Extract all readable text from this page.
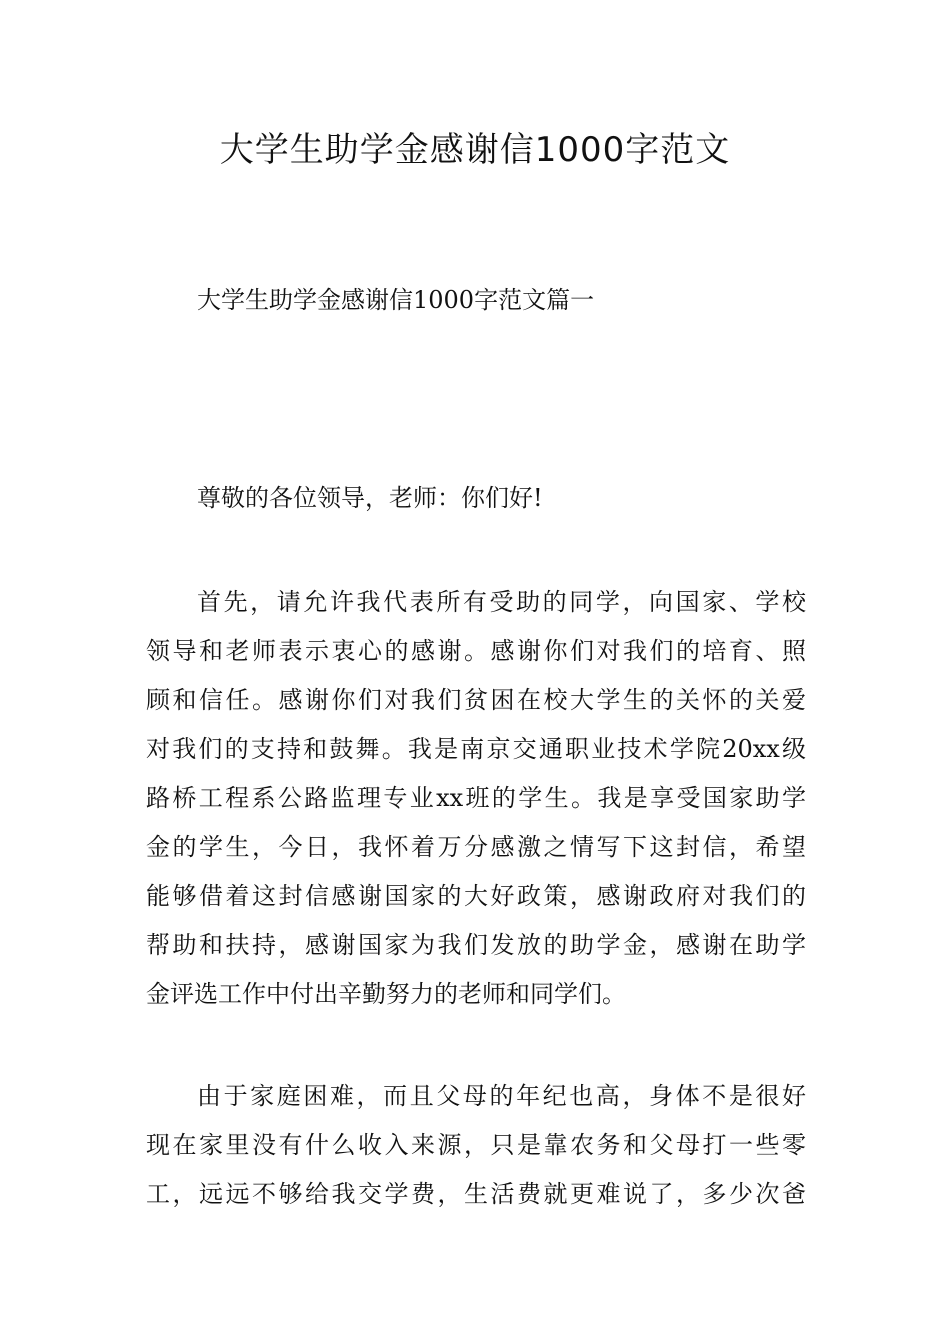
大学生助学金感谢信1000字范文

大学生助学金感谢信1000字范文篇一

尊敬的各位领导，老师：你们好!

首先，请允许我代表所有受助的同学，向国家、学校
领导和老师表示衷心的感谢。感谢你们对我们的培育、照
顾和信任。感谢你们对我们贫困在校大学生的关怀的关爱
对我们的支持和鼓舞。我是南京交通职业技术学院20xx级
路桥工程系公路监理专业xx班的学生。我是享受国家助学
金的学生，今日，我怀着万分感激之情写下这封信，希望
能够借着这封信感谢国家的大好政策，感谢政府对我们的
帮助和扶持，感谢国家为我们发放的助学金，感谢在助学
金评选工作中付出辛勤努力的老师和同学们。
由于家庭困难，而且父母的年纪也高，身体不是很好
现在家里没有什么收入来源，只是靠农务和父母打一些零
工，远远不够给我交学费，生活费就更难说了，多少次爸
